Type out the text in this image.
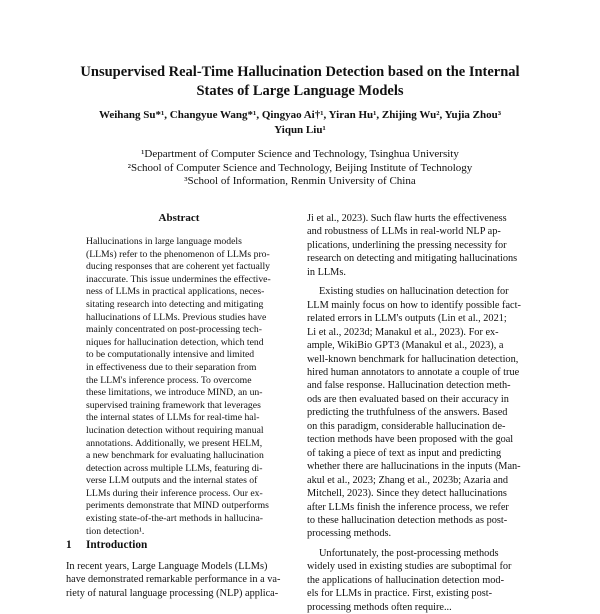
Unsupervised Real-Time Hallucination Detection based on the Internal
States of Large Language Models
Weihang Su*¹, Changyue Wang*¹, Qingyao Ai†¹, Yiran Hu¹, Zhijing Wu², Yujia Zhou³
Yiqun Liu¹
¹Department of Computer Science and Technology, Tsinghua University
²School of Computer Science and Technology, Beijing Institute of Technology
³School of Information, Renmin University of China
Abstract
Hallucinations in large language models
(LLMs) refer to the phenomenon of LLMs pro-
ducing responses that are coherent yet factually
inaccurate. This issue undermines the effective-
ness of LLMs in practical applications, neces-
sitating research into detecting and mitigating
hallucinations of LLMs. Previous studies have
mainly concentrated on post-processing tech-
niques for hallucination detection, which tend
to be computationally intensive and limited
in effectiveness due to their separation from
the LLM's inference process. To overcome
these limitations, we introduce MIND, an un-
supervised training framework that leverages
the internal states of LLMs for real-time hal-
lucination detection without requiring manual
annotations. Additionally, we present HELM,
a new benchmark for evaluating hallucination
detection across multiple LLMs, featuring di-
verse LLM outputs and the internal states of
LLMs during their inference process. Our ex-
periments demonstrate that MIND outperforms
existing state-of-the-art methods in hallucina-
tion detection¹.
1 Introduction
In recent years, Large Language Models (LLMs)
have demonstrated remarkable performance in a va-
riety of natural language processing (NLP) applica-
Ji et al., 2023). Such flaw hurts the effectiveness
and robustness of LLMs in real-world NLP ap-
plications, underlining the pressing necessity for
research on detecting and mitigating hallucinations
in LLMs.
Existing studies on hallucination detection for
LLM mainly focus on how to identify possible fact-
related errors in LLM's outputs (Lin et al., 2021;
Li et al., 2023d; Manakul et al., 2023). For ex-
ample, WikiBio GPT3 (Manakul et al., 2023), a
well-known benchmark for hallucination detection,
hired human annotators to annotate a couple of true
and false response. Hallucination detection meth-
ods are then evaluated based on their accuracy in
predicting the truthfulness of the answers. Based
on this paradigm, considerable hallucination de-
tection methods have been proposed with the goal
of taking a piece of text as input and predicting
whether there are hallucinations in the inputs (Man-
akul et al., 2023; Zhang et al., 2023b; Azaria and
Mitchell, 2023). Since they detect hallucinations
after LLMs finish the inference process, we refer
to these hallucination detection methods as post-
processing methods.
Unfortunately, the post-processing methods
widely used in existing studies are suboptimal for
the applications of hallucination detection mod-
els for LLMs in practice. First, existing post-
processing methods often require...
